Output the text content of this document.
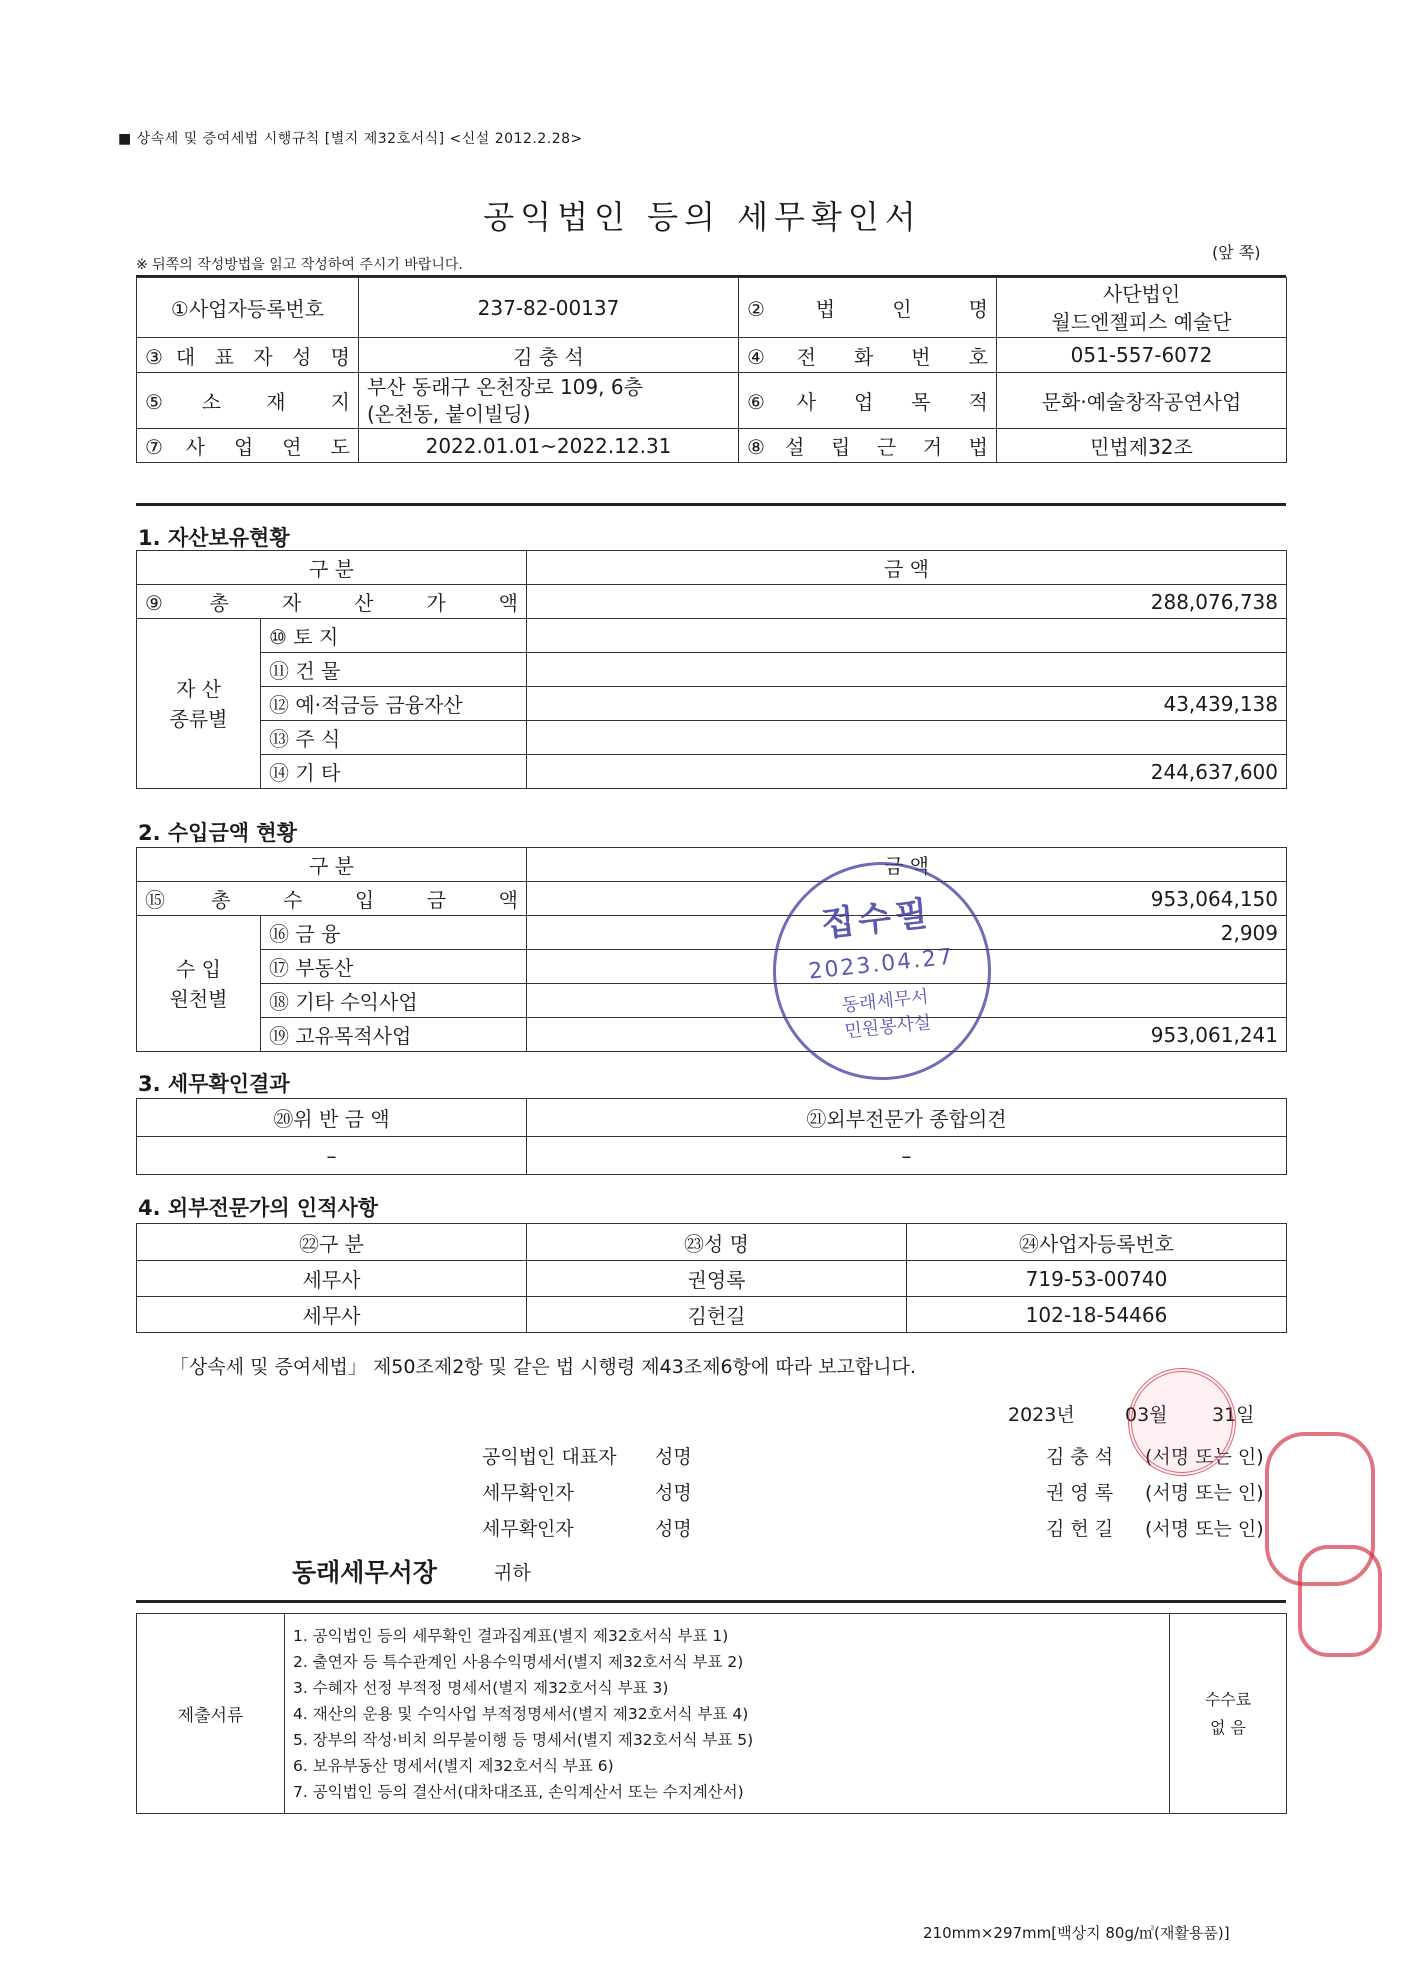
■ 상속세 및 증여세법 시행규칙 [별지 제32호서식] <신설 2012.2.28>
공익법인 등의 세무확인서
※ 뒤쪽의 작성방법을 읽고 작성하여 주시기 바랍니다.
(앞 쪽)
①사업자등록번호	237-82-00137	②법 인 명	사단법인
월드엔젤피스 예술단

③대 표 자 성 명	김 충 석	④전 화 번 호	051-557-6072
⑤소 재 지	부산 동래구 온천장로 109, 6층
(온천동, 붙이빌딩)	⑥사 업 목 적	문화·예술창작공연사업
⑦사 업 연 도	2022.01.01~2022.12.31	⑧설 립 근 거 법	민법제32조
1. 자산보유현황
구 분		금 액
⑨총 자 산 가 액		288,076,738

자 산
종류별	⑩ 토 지	
	⑪ 건 물	
	⑫ 예·적금등 금융자산	43,439,138
	⑬ 주 식	
	⑭ 기 타	244,637,600
2. 수입금액 현황
구 분		금 액
⑮총 수 입 금 액		953,064,150

수 입
원천별	⑯ 금 융	2,909
	⑰ 부동산	
	⑱ 기타 수익사업	
	⑲ 고유목적사업	953,061,241
3. 세무확인결과
⑳위 반 금 액	㉑외부전문가 종합의견
–	–
4. 외부전문가의 인적사항
㉒구 분	㉓성 명	㉔사업자등록번호
세무사	권영록	719-53-00740
세무사	김헌길	102-18-54466
「상속세 및 증여세법」 제50조제2항 및 같은 법 시행령 제43조제6항에 따라 보고합니다.
2023년	03월 31일
공익법인 대표자 성명	김 충 석 (서명 또는 인)
세무확인자	성명	권 영 록 (서명 또는 인)
세무확인자	성명	김 헌 길 (서명 또는 인)
동래세무서장	귀하
제출서류	
1. 공익법인 등의 세무확인 결과집계표(별지 제32호서식 부표 1)
2. 출연자 등 특수관계인 사용수익명세서(별지 제32호서식 부표 2)
3. 수혜자 선정 부적정 명세서(별지 제32호서식 부표 3)
4. 재산의 운용 및 수익사업 부적정명세서(별지 제32호서식 부표 4)
5. 장부의 작성·비치 의무불이행 등 명세서(별지 제32호서식 부표 5)
6. 보유부동산 명세서(별지 제32호서식 부표 6)
7. 공익법인 등의 결산서(대차대조표, 손익계산서 또는 수지계산서)

수수료
없 음
210mm×297mm[백상지 80g/㎡(재활용품)]
접수필
2023.04.27
동래세무서
민원봉사실
